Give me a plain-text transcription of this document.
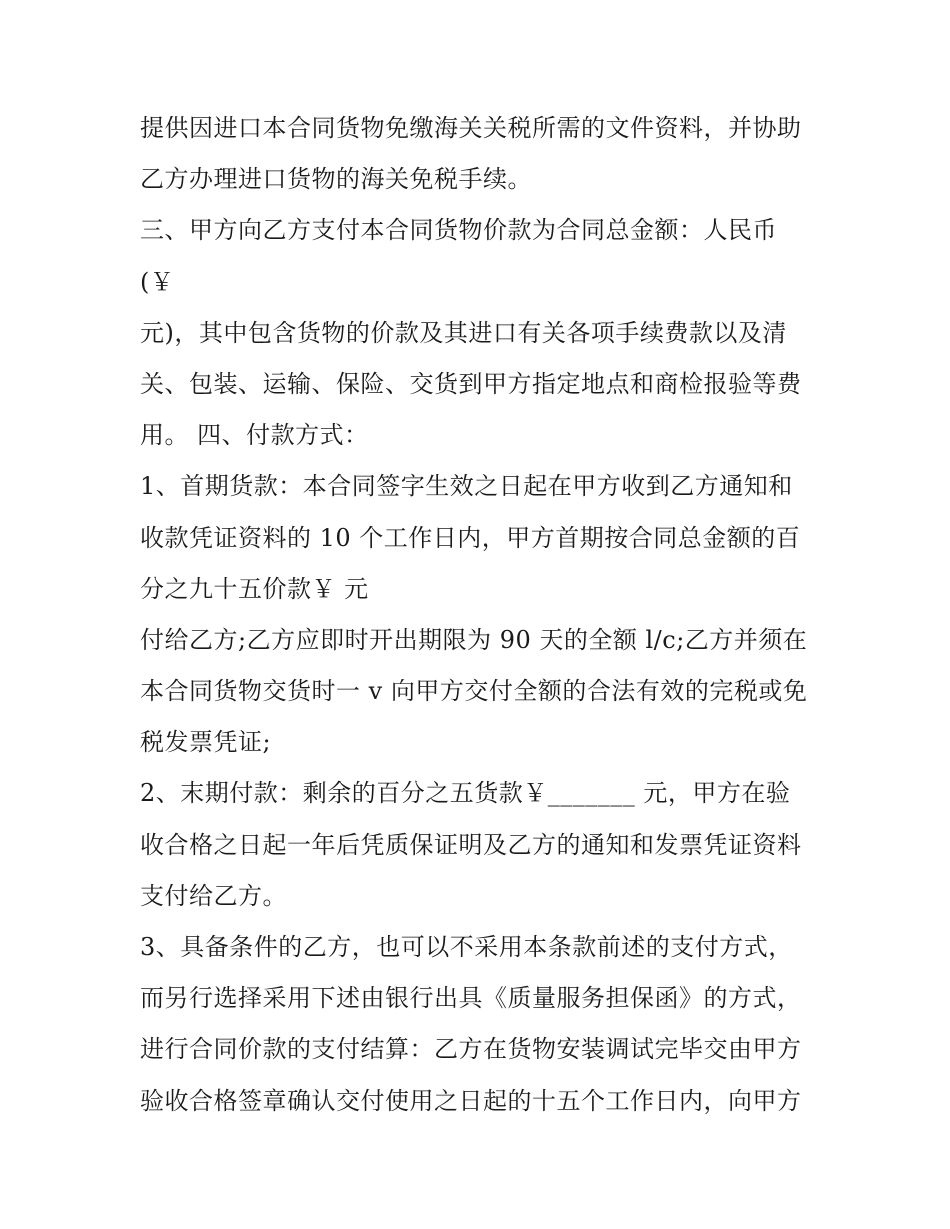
提供因进口本合同货物免缴海关关税所需的文件资料，并协助
乙方办理进口货物的海关免税手续。
三、甲方向乙方支付本合同货物价款为合同总金额：人民币
(￥
元)，其中包含货物的价款及其进口有关各项手续费款以及清
关、包装、运输、保险、交货到甲方指定地点和商检报验等费
用。 四、付款方式：
1、首期货款：本合同签字生效之日起在甲方收到乙方通知和
收款凭证资料的 10 个工作日内，甲方首期按合同总金额的百
分之九十五价款￥ 元
付给乙方;乙方应即时开出期限为 90 天的全额 l/c;乙方并须在
本合同货物交货时一 v 向甲方交付全额的合法有效的完税或免
税发票凭证;
2、末期付款：剩余的百分之五货款￥_______ 元，甲方在验
收合格之日起一年后凭质保证明及乙方的通知和发票凭证资料
支付给乙方。
3、具备条件的乙方，也可以不采用本条款前述的支付方式，
而另行选择采用下述由银行出具《质量服务担保函》的方式，
进行合同价款的支付结算：乙方在货物安装调试完毕交由甲方
验收合格签章确认交付使用之日起的十五个工作日内，向甲方
